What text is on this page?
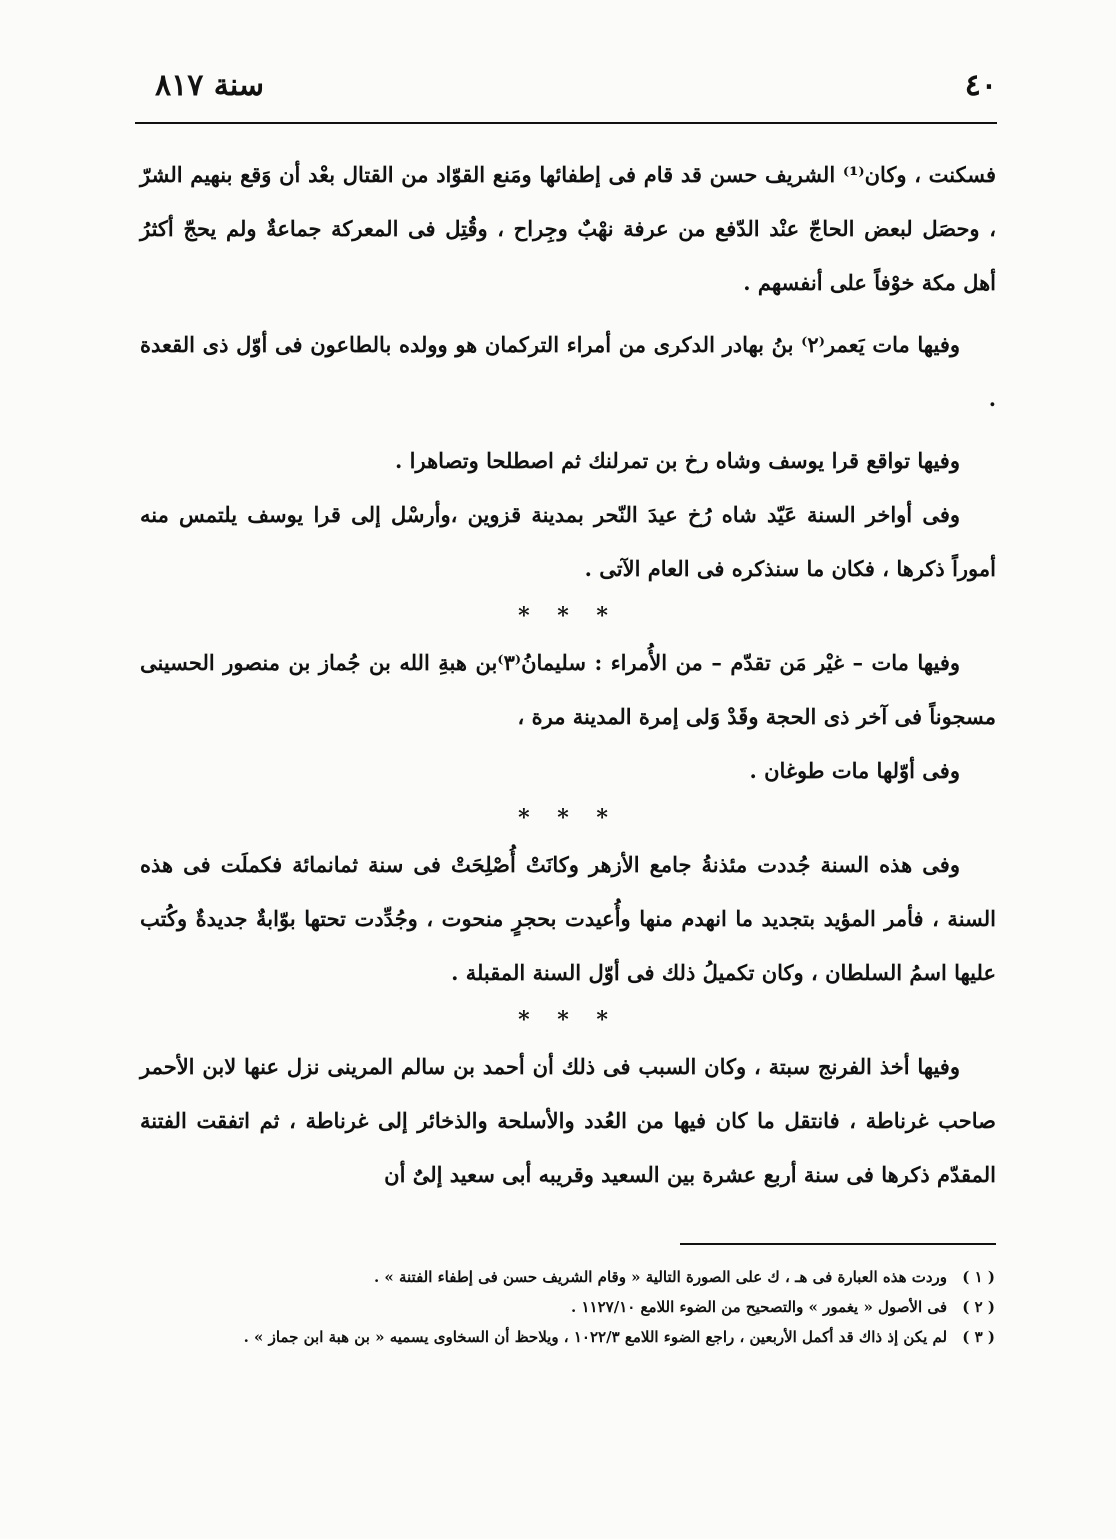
٤٠
سنة ٨١٧

فسكنت ، وكان⁽¹⁾ الشريف حسن قد قام فى إطفائها ومَنع القوّاد من القتال بعْد أن وَقع بنهيم الشرّ ، وحصَل لبعض الحاجّ عنْد الدّفع من عرفة نهْبٌ وجِراح ، وقُتِل فى المعركة جماعةٌ ولم يحجّ أكثرُ أهل مكة خوْفاً على أنفسهم .

وفيها مات يَعمر⁽٢⁾ بنُ بهادر الدكرى من أمراء التركمان هو وولده بالطاعون فى أوّل ذى القعدة .

وفيها تواقع قرا يوسف وشاه رخ بن تمرلنك ثم اصطلحا وتصاهرا .

وفى أواخر السنة عَيّد شاه رُخ عيدَ النّحر بمدينة قزوين ،وأرسْل إلى قرا يوسف يلتمس منه أموراً ذكرها ، فكان ما سنذكره فى العام الآتى .

* * *

وفيها مات – غيْر مَن تقدّم – من الأُمراء : سليمانُ⁽٣⁾بن هبةِ الله بن جُماز بن منصور الحسينى مسجوناً فى آخر ذى الحجة وقَدْ وَلى إمرة المدينة مرة ،

وفى أوّلها مات طوغان .

* * *

وفى هذه السنة جُددت مئذنةُ جامع الأزهر وكانَتْ أُصْلِحَتْ فى سنة ثمانمائة فكملَت فى هذه السنة ، فأمر المؤيد بتجديد ما انهدم منها وأُعيدت بحجرٍ منحوت ، وجُدِّدت تحتها بوّابةٌ جديدةٌ وكُتب عليها اسمُ السلطان ، وكان تكميلُ ذلك فى أوّل السنة المقبلة .

* * *

وفيها أخذ الفرنج سبتة ، وكان السبب فى ذلك أن أحمد بن سالم المرينى نزل عنها لابن الأحمر صاحب غرناطة ، فانتقل ما كان فيها من العُدد والأسلحة والذخائر إلى غرناطة ، ثم اتفقت الفتنة المقدّم ذكرها فى سنة أربع عشرة بين السعيد وقريبه أبى سعيد إلىٌ أن

( ١ ) وردت هذه العبارة فى هـ ، ك على الصورة التالية « وقام الشريف حسن فى إطفاء الفتنة » .

( ٢ ) فى الأصول « يغمور » والتصحيح من الضوء اللامع ١١٢٧/١٠ .

( ٣ ) لم يكن إذ ذاك قد أكمل الأربعين ، راجع الضوء اللامع ١٠٢٢/٣ ، ويلاحظ أن السخاوى يسميه « بن هبة ابن جماز » .
